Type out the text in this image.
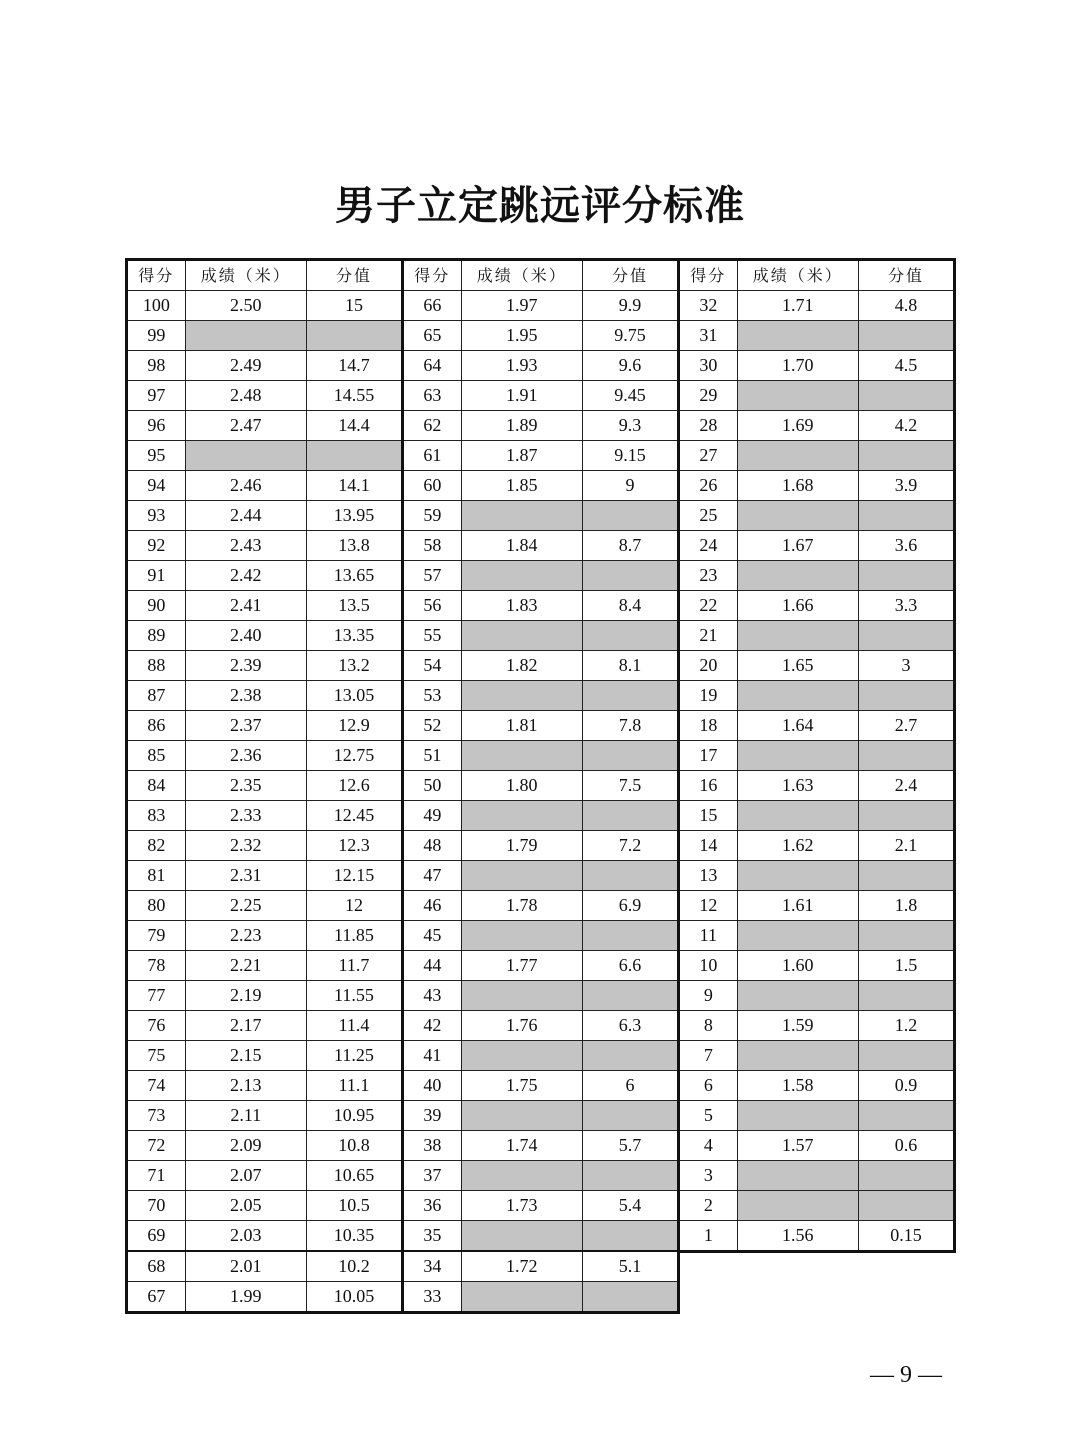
男子立定跳远评分标准
得分	成绩（米）	分值
100	2.50	15
99		
98	2.49	14.7
97	2.48	14.55
96	2.47	14.4
95		
94	2.46	14.1
93	2.44	13.95
92	2.43	13.8
91	2.42	13.65
90	2.41	13.5
89	2.40	13.35
88	2.39	13.2
87	2.38	13.05
86	2.37	12.9
85	2.36	12.75
84	2.35	12.6
83	2.33	12.45
82	2.32	12.3
81	2.31	12.15
80	2.25	12
79	2.23	11.85
78	2.21	11.7
77	2.19	11.55
76	2.17	11.4
75	2.15	11.25
74	2.13	11.1
73	2.11	10.95
72	2.09	10.8
71	2.07	10.65
70	2.05	10.5
69	2.03	10.35
68	2.01	10.2
67	1.99	10.05
得分	成绩（米）	分值
66	1.97	9.9
65	1.95	9.75
64	1.93	9.6
63	1.91	9.45
62	1.89	9.3
61	1.87	9.15
60	1.85	9
59		
58	1.84	8.7
57		
56	1.83	8.4
55		
54	1.82	8.1
53		
52	1.81	7.8
51		
50	1.80	7.5
49		
48	1.79	7.2
47		
46	1.78	6.9
45		
44	1.77	6.6
43		
42	1.76	6.3
41		
40	1.75	6
39		
38	1.74	5.7
37		
36	1.73	5.4
35		
34	1.72	5.1
33		
得分	成绩（米）	分值
32	1.71	4.8
31		
30	1.70	4.5
29		
28	1.69	4.2
27		
26	1.68	3.9
25		
24	1.67	3.6
23		
22	1.66	3.3
21		
20	1.65	3
19		
18	1.64	2.7
17		
16	1.63	2.4
15		
14	1.62	2.1
13		
12	1.61	1.8
11		
10	1.60	1.5
9		
8	1.59	1.2
7		
6	1.58	0.9
5		
4	1.57	0.6
3		
2		
1	1.56	0.15
— 9 —
